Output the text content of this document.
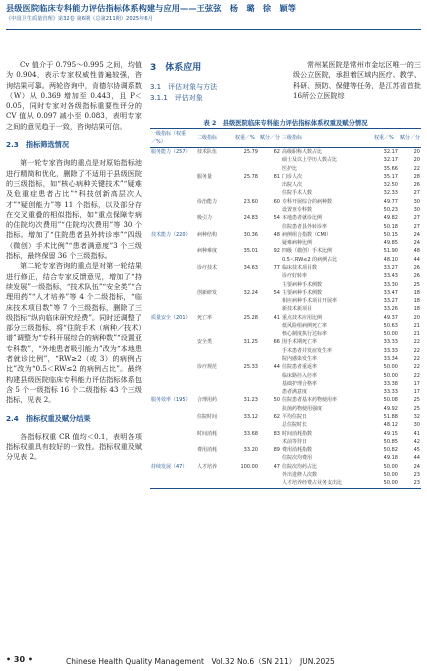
县级医院临床专科能力评估指标体系构建与应用——王弦弦　杨　璐　徐　颖等
《中国卫生质量管理》第32卷 第6期（总第211期）2025年6月

Cv 值介于 0.795～0.995 之间，均值为 0.904，表示专家权威性普遍较强，咨询结果可靠。两轮咨询中，肯德尔协调系数（W）从 0.369 增加至 0.443，且 P＜0.05，同时专家对各级指标重要性评分的 CV 值从 0.097 减小至 0.083，表明专家之间的意见趋于一致，咨询结果可信。

2.3　指标筛选情况

第一轮专家咨询的重点是对原始指标池进行精简和优化，删除了不适用于县级医院的三级指标，如“核心病种关键技术”“疑难及危重症患者占比”“科技创新高层次人才”“疑创能力”等 11 个指标，以及部分存在交叉重叠的相似指标，如“重点保障专病的住院均次费用”“住院均次费用”等 30 个指标。增加了“住院患者县外转诊率”“四级（微创）手术比例”“患者满意度”3 个三级指标，最终保留 36 个三级指标。

第二轮专家咨询的重点是对第一轮结果进行修正，结合专家反馈意见，增加了“持续发展”一级指标，“技术队伍”“安全类”“合理用药”“人才培养”等 4 个二级指标，“临床技术项目数”等 7 个三级指标，删除了三级指标“纵向临床研究经费”。同时还调整了部分三级指标，将“住院手术（病种／技术）谱”调整为“专科开展综合的病种数”“设置亚专科数”，“外地患者吸引能力”改为“本地患者就诊比例”，“RW≥2（或 3）的病例占比”改为“0.5＜RW≤2 的病例占比”。最终构建县级医院临床专科能力评估指标体系包含 5 个一级指标 16 个二级指标 43 个三级指标，见表 2。

2.4　指标权重及赋分结果

各指标权重 CR 值均＜0.1，表明各项指标权重具有较好的一致性。指标权重及赋分见表 2。

3　体系应用
3.1　评估对象与方法
3.1.1　评估对象

常州某医院是常州市金坛区唯一的三级公立医院，承担着区域内医疗、教学、科研、预防、保健等任务，是江苏省首批16所公立医院综

表 2　县级医院临床专科能力评估指标体系权重及赋分情况
一级指标（权重／%）	二级指标	权重／%	赋分／分	三级指标	权重／%	赋分／分
服务能力（257）	技术队伍	25.79	62	高级职称人数占比	32.17	20
				硕士及以上学历人数占比	32.17	20
				医护比	35.66	22
	服务量	25.78	81	门诊人次	35.17	28
				出院人次	32.50	26
				住院手术人数	32.33	27
	诊治能力	23.60	60	专科开展综合的病种数	49.77	30
				设置亚专科数	50.23	30
	吸引力	24.83	54	本地患者就诊比例	49.82	27
				住院患者县外转诊率	50.18	27
技术能力（220）	病种结构	30.36	48	病例组合指数（CMI）	50.15	24
				疑难病种比例	49.85	24
	病种难度	35.01	92	四级（微创）手术比例	51.90	48
				0.5＜RW≤2 的病例占比	48.10	44
	诊疗技术	34.63	77	临床技术项目数	33.27	26
				诊疗好转率	33.43	26
				主要病种手术例数	33.30	25
	创新研发	32.24	54	主要病种手术例数	33.47	18
				相应病种手术项目开展率	33.27	18
				新技术新项目	33.26	18
质量安全（201）	死亡率	25.28	41	重点技术应用比例	49.37	20
				低风险组病例死亡率	50.63	21
				核心制度执行达标率	50.00	21
	安全类	31.25	66	围手术期死亡率	33.33	22
				手术患者并发症发生率	33.33	22
				院内感染发生率	33.34	22
	诊疗规范	25.33	44	住院患者重返率	50.00	22
				临床路径入径率	50.00	22
				基础护理合格率	33.38	17
				患者满意度	33.33	17
服务效率（195）	合理用药	31.23	50	住院患者基本药物使用率	50.08	25
				抗菌药物使用强度	49.92	25
	住院时间	33.12	62	平均住院日	51.88	32
				总住院时长	48.12	30
	时间消耗	33.68	83	时间消耗指数	49.15	41
				术前等待日	50.85	42
	费用消耗	33.20	89	费用消耗指数	50.82	45
				住院次均费用	49.18	44
持续发展（47）	人才培养	100.00	47	住院次均药占比	50.00	24
				外出进修人次数	50.00	23
				人才培养经费占业务支出比	50.00	23
• 30 •	Chinese Health Quality Management　Vol.32 No.6（SN 211）　JUN.2025
